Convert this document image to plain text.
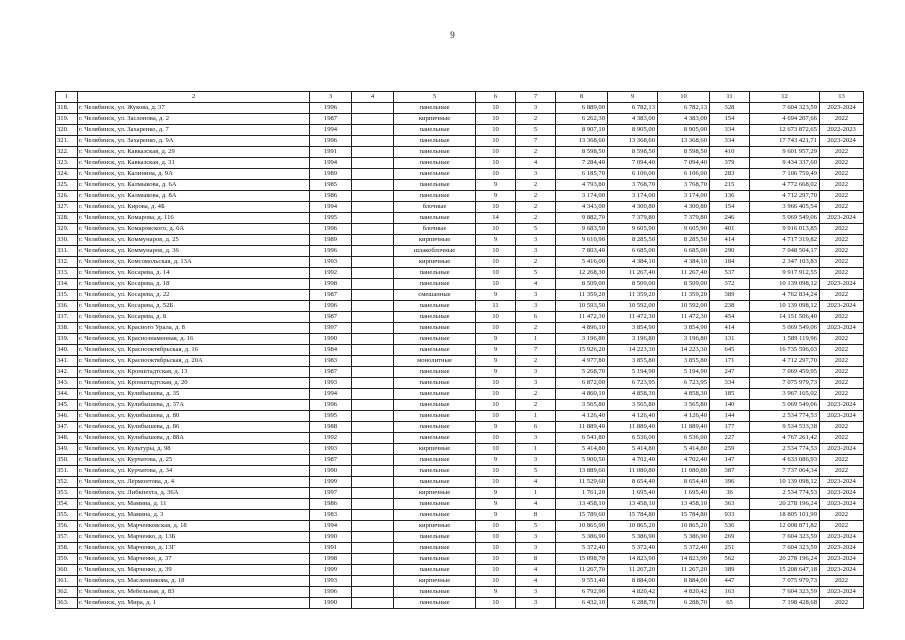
9
1	2	3	4	5	6	7	8	9	10	11	12	13
318.	г. Челябинск, ул. Жукова, д. 37	1996		панельные	10	3	6 889,00	6 782,13	6 782,13	328	7 604 323,59	2023-2024
319.	г. Челябинск, ул. Заслонова, д. 2	1987		кирпичные	10	2	6 262,30	4 383,00	4 383,00	154	4 694 207,66	2022
320.	г. Челябинск, ул. Захаренко, д. 7	1994		панельные	10	5	8 907,10	8 905,00	8 905,00	334	12 673 872,65	2022-2023
321.	г. Челябинск, ул. Захаренко, д. 9А	1996		панельные	10	7	13 368,60	13 368,60	13 368,60	334	17 743 421,71	2023-2024
322.	г. Челябинск, ул. Кавказская, д. 29	1991		панельные	10	2	8 598,50	8 598,50	8 598,50	410	9 601 957,29	2022
323.	г. Челябинск, ул. Кавказская, д. 31	1994		панельные	10	4	7 284,40	7 094,40	7 094,40	379	9 434 337,60	2022
324.	г. Челябинск, ул. Калинина, д. 9А	1989		панельные	10	3	6 185,70	6 106,00	6 106,00	283	7 106 759,49	2022
325.	г. Челябинск, ул. Калмыкова, д. 6А	1985		панельные	9	2	4 793,80	3 768,70	3 768,70	215	4 772 668,02	2022
326.	г. Челябинск, ул. Калмыкова, д. 8А	1986		панельные	9	2	3 174,00	3 174,00	3 174,00	136	4 712 297,70	2022
327.	г. Челябинск, ул. Кирова, д. 4Б	1994		блочные	10	2	4 343,00	4 300,80	4 300,80	154	3 966 405,54	2022
328.	г. Челябинск, ул. Комарова, д. 116	1995		панельные	14	2	9 882,70	7 379,80	7 379,80	246	5 069 549,06	2023-2024
329.	г. Челябинск, ул. Комаровского, д. 6А	1996		блочные	10	5	9 683,50	9 605,90	9 605,90	401	9 916 013,85	2022
330.	г. Челябинск, ул. Коммунаров, д. 25	1989		кирпичные	9	3	9 610,90	8 285,50	8 285,50	414	4 717 319,82	2022
331.	г. Челябинск, ул. Коммунаров, д. 36	1996		шлакоблочные	10	3	7 803,40	6 685,00	6 685,00	290	7 048 504,17	2022
332.	г. Челябинск, ул. Комсомольская, д. 13А	1993		кирпичные	10	2	5 416,00	4 384,10	4 384,10	184	2 347 103,83	2022
333.	г. Челябинск, ул. Косарева, д. 14	1992		панельные	10	5	12 268,30	11 267,40	11 267,40	537	9 917 912,55	2022
334.	г. Челябинск, ул. Косарева, д. 18	1998		панельные	10	4	8 509,00	8 509,00	8 509,00	372	10 139 098,12	2023-2024
335.	г. Челябинск, ул. Косарева, д. 22	1987		смешанные	9	3	11 359,20	11 359,20	11 359,20	389	4 762 834,24	2022
336.	г. Челябинск, ул. Косарева, д. 52Б	1996		панельные	11	3	10 593,50	10 592,00	10 592,00	238	10 139 098,12	2023-2024
337.	г. Челябинск, ул. Косарева, д. 8	1987		панельные	10	6	11 472,30	11 472,30	11 472,30	454	14 151 506,40	2022
338.	г. Челябинск, ул. Красного Урала, д. 8	1997		панельные	10	2	4 896,10	3 854,90	3 854,90	414	5 069 549,06	2023-2024
339.	г. Челябинск, ул. Краснознаменная, д. 16	1990		панельные	9	1	3 196,80	3 196,80	3 196,80	131	1 589 119,96	2022
340.	г. Челябинск, ул. Красноoктябрьская, д. 16	1984		панельные	9	7	15 926,20	14 223,30	14 223,30	645	16 735 596,03	2022
341.	г. Челябинск, ул. Красноoктябрьская, д. 20А	1983		монолитные	9	2	4 977,80	3 855,80	3 855,80	171	4 712 297,70	2022
342.	г. Челябинск, ул. Кронштадтская, д. 13	1987		панельные	9	3	5 268,70	5 194,90	5 194,90	247	7 069 459,95	2022
343.	г. Челябинск, ул. Кронштадтская, д. 20	1993		панельные	10	3	6 872,00	6 723,95	6 723,95	334	7 075 979,73	2022
344.	г. Челябинск, ул. Кулибышева, д. 35	1994		панельные	10	2	4 860,10	4 858,30	4 858,30	185	3 967 165,02	2022
345.	г. Челябинск, ул. Кулибышева, д. 37А	1996		панельные	10	2	3 565,80	3 565,80	3 565,80	140	5 069 549,06	2023-2024
346.	г. Челябинск, ул. Кулибышева, д. 80	1995		панельные	10	1	4 126,40	4 126,40	4 126,40	144	2 534 774,53	2023-2024
347.	г. Челябинск, ул. Кулибышева, д. 86	1988		панельные	9	6	11 889,40	11 889,40	11 889,40	177	9 534 533,38	2022
348.	г. Челябинск, ул. Кулибышева, д. 88А	1992		панельные	10	3	6 541,80	6 536,00	6 536,00	227	4 767 261,42	2022
349.	г. Челябинск, ул. Культуры, д. 98	1993		кирпичные	10	1	5 414,80	5 414,80	5 414,80	259	2 534 774,53	2023-2024
350.	г. Челябинск, ул. Курчатова, д. 25	1987		панельные	9	3	5 900,50	4 702,40	4 702,40	147	4 633 086,93	2022
351.	г. Челябинск, ул. Курчатова, д. 34	1990		панельные	10	5	13 889,60	11 080,80	11 080,80	387	7 737 064,34	2022
352.	г. Челябинск, ул. Лермонтова, д. 4	1999		панельные	10	4	11 529,60	8 654,40	8 654,40	396	10 139 098,12	2023-2024
353.	г. Челябинск, ул. Либкнехта, д. 36А	1997		кирпичные	9	1	1 761,20	1 695,40	1 695,40	36	2 534 774,53	2023-2024
354.	г. Челябинск, ул. Мамина, д. 11	1986		панельные	9	4	13 458,10	13 458,10	13 458,10	363	20 278 196,24	2023-2024
355.	г. Челябинск, ул. Мамина, д. 3	1983		панельные	9	8	15 789,60	15 784,80	15 784,80	933	18 805 101,99	2022
356.	г. Челябинск, ул. Марченковская, д. 18	1994		кирпичные	10	5	10 865,90	10 865,20	10 865,20	536	12 008 871,82	2022
357.	г. Челябинск, ул. Марченко, д. 13Б	1990		панельные	10	3	5 386,90	5 386,90	5 386,90	269	7 604 323,59	2023-2024
358.	г. Челябинск, ул. Марченко, д. 13Г	1991		панельные	10	3	5 372,40	5 372,40	5 372,40	251	7 604 323,59	2023-2024
359.	г. Челябинск, ул. Марченко, д. 37	1998		панельные	10	8	15 098,70	14 823,90	14 823,90	562	20 278 196,24	2023-2024
360.	г. Челябинск, ул. Марченко, д. 39	1999		панельные	10	4	11 267,70	11 267,20	11 267,20	389	15 208 647,18	2023-2024
361.	г. Челябинск, ул. Масленникова, д. 18	1993		кирпичные	10	4	9 551,40	8 884,00	8 884,00	447	7 075 979,73	2022
362.	г. Челябинск, ул. Мебельная, д. 83	1996		панельные	9	3	6 792,90	4 820,42	4 820,42	163	7 604 323,59	2023-2024
363.	г. Челябинск, ул. Мира, д. 1	1990		панельные	10	3	6 432,10	6 288,70	6 288,70	65	7 198 428,68	2022
